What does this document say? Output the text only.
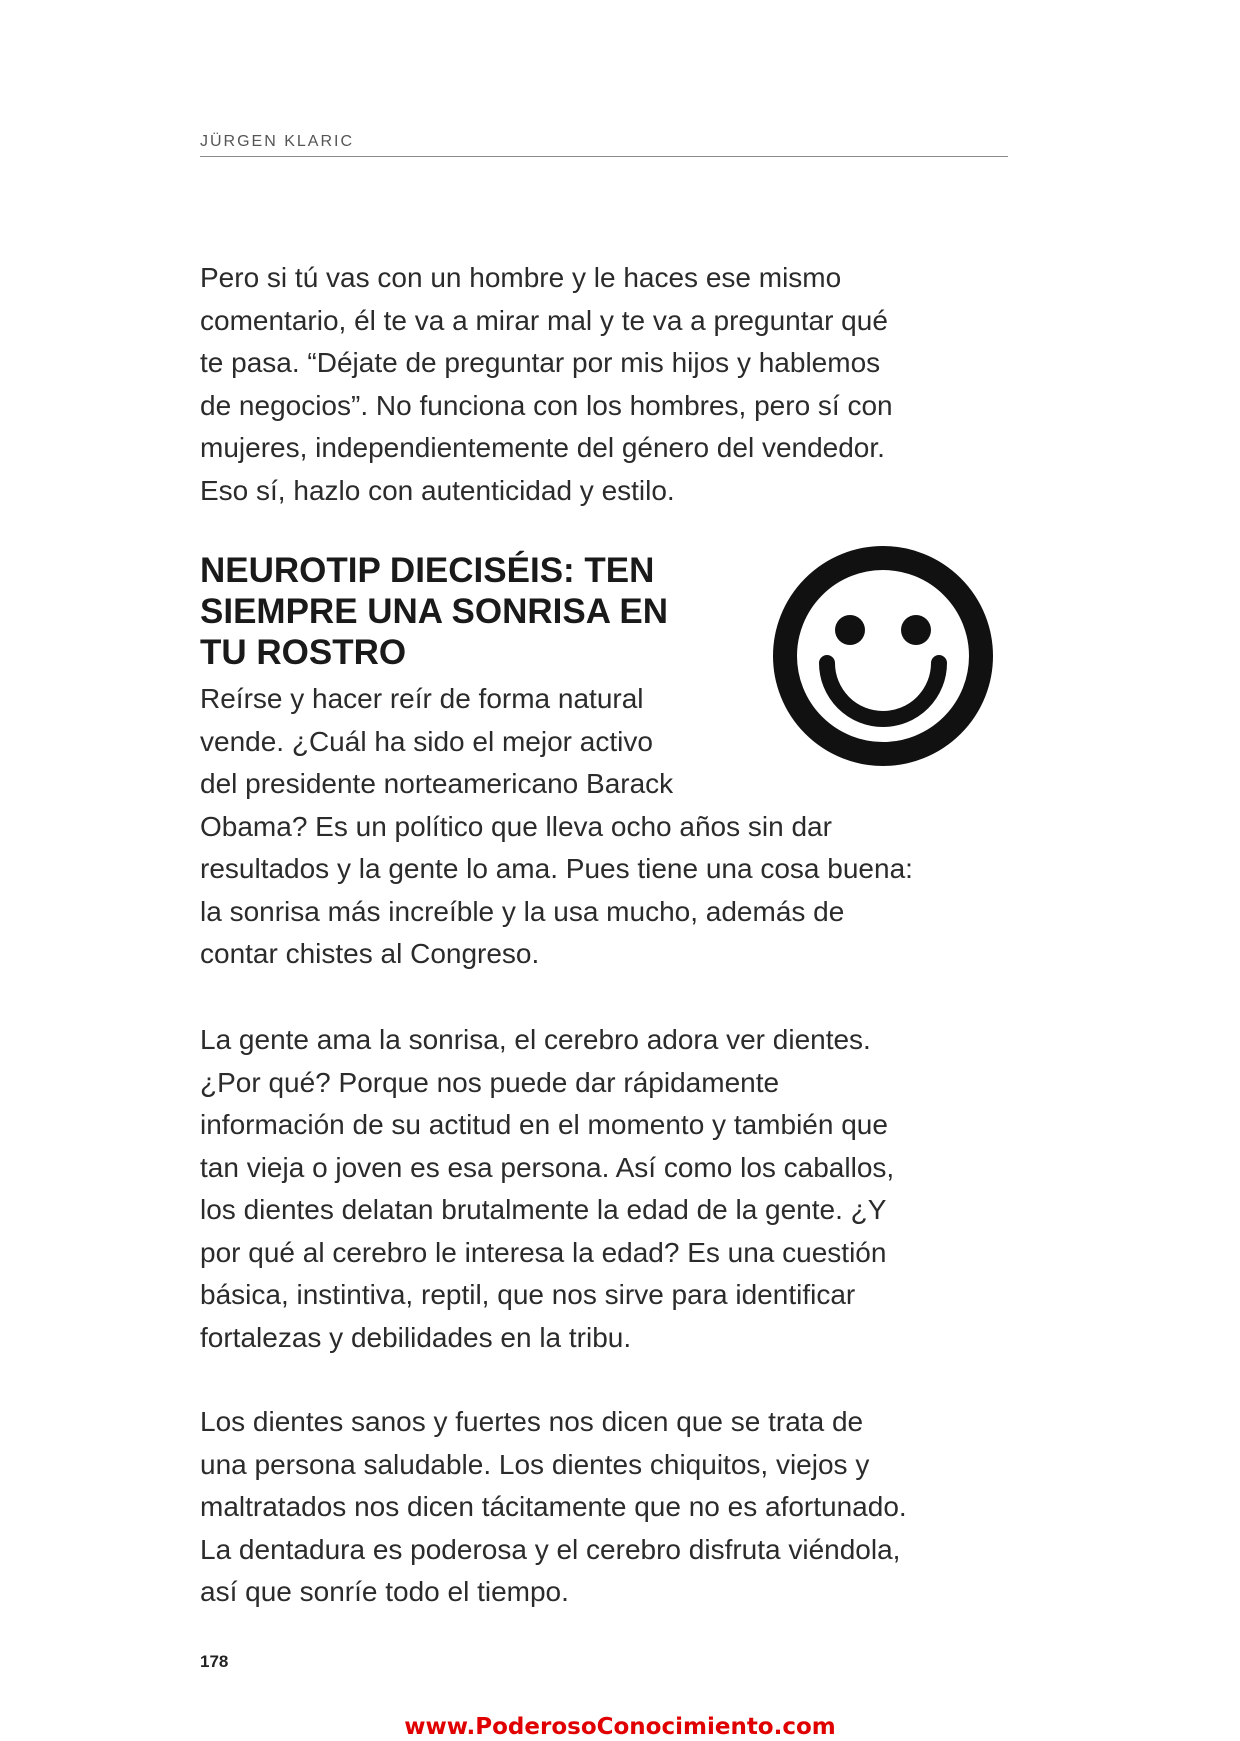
JÜRGEN KLARIC

Pero si tú vas con un hombre y le haces ese mismo
comentario, él te va a mirar mal y te va a preguntar qué
te pasa. “Déjate de preguntar por mis hijos y hablemos
de negocios”. No funciona con los hombres, pero sí con
mujeres, independientemente del género del vendedor.
Eso sí, hazlo con autenticidad y estilo.

NEUROTIP DIECISÉIS: TEN
SIEMPRE UNA SONRISA EN
TU ROSTRO

Reírse y hacer reír de forma natural
vende. ¿Cuál ha sido el mejor activo
del presidente norteamericano Barack
Obama? Es un político que lleva ocho años sin dar
resultados y la gente lo ama. Pues tiene una cosa buena:
la sonrisa más increíble y la usa mucho, además de
contar chistes al Congreso.

La gente ama la sonrisa, el cerebro adora ver dientes.
¿Por qué? Porque nos puede dar rápidamente
información de su actitud en el momento y también que
tan vieja o joven es esa persona. Así como los caballos,
los dientes delatan brutalmente la edad de la gente. ¿Y
por qué al cerebro le interesa la edad? Es una cuestión
básica, instintiva, reptil, que nos sirve para identificar
fortalezas y debilidades en la tribu.

Los dientes sanos y fuertes nos dicen que se trata de
una persona saludable. Los dientes chiquitos, viejos y
maltratados nos dicen tácitamente que no es afortunado.
La dentadura es poderosa y el cerebro disfruta viéndola,
así que sonríe todo el tiempo.

178
www.PoderosoConocimiento.com
